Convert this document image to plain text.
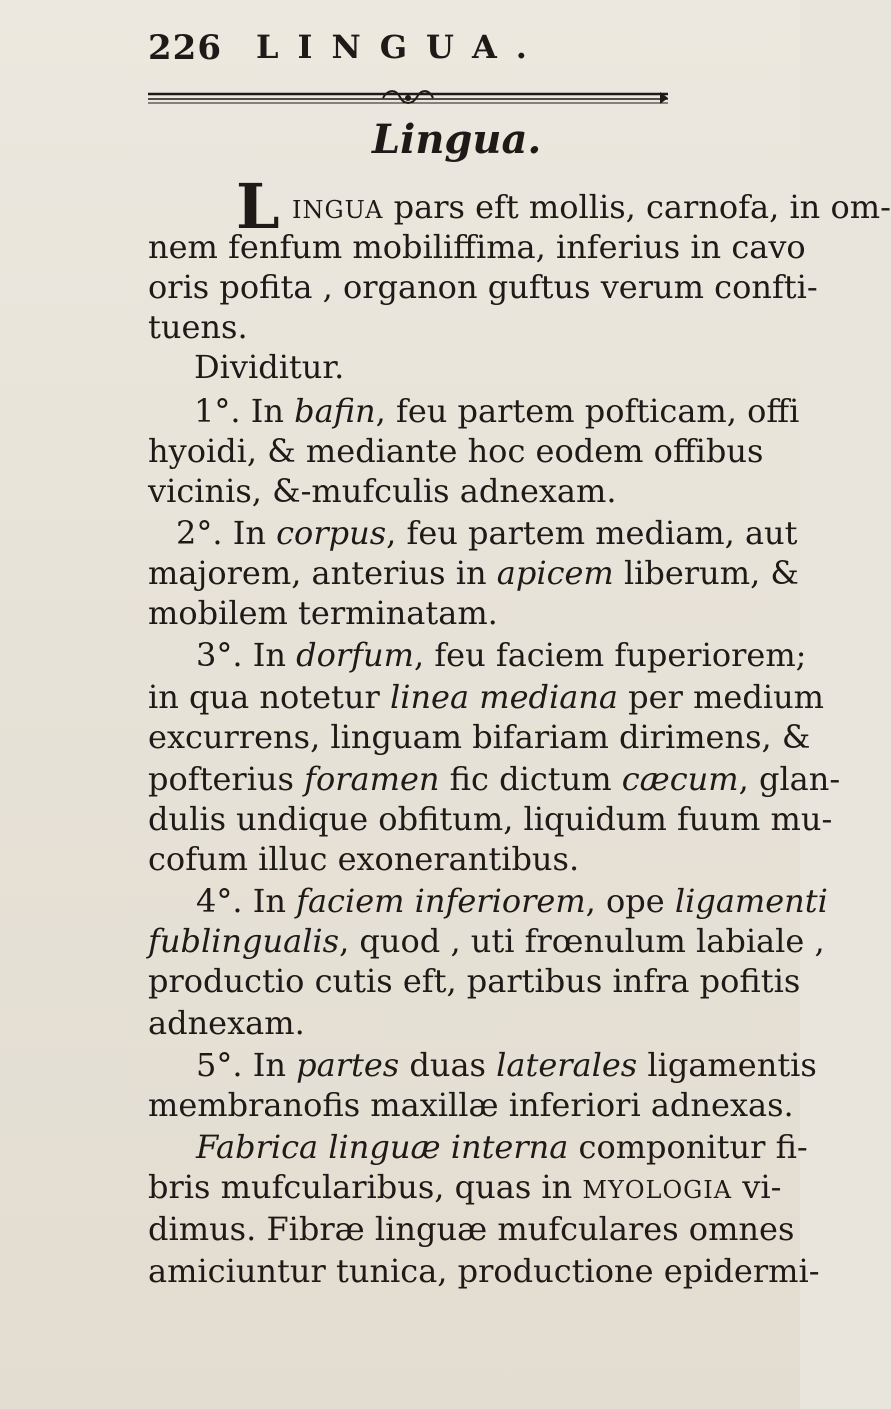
226 LINGUA.
Lingua.
L INGUA pars eft mollis, carnofa, in om-
nem fenfum mobiliffima, inferius in cavo
oris pofita , organon guftus verum confti-
tuens.
Dividitur.
1°. In bafin, feu partem pofticam, offi
hyoidi, & mediante hoc eodem offibus
vicinis, &-mufculis adnexam.
2°. In corpus, feu partem mediam, aut
majorem, anterius in apicem liberum, &
mobilem terminatam.
3°. In dorfum, feu faciem fuperiorem;
in qua notetur linea mediana per medium
excurrens, linguam bifariam dirimens, &
pofterius foramen fic dictum cæcum, glan-
dulis undique obfitum, liquidum fuum mu-
cofum illuc exonerantibus.
4°. In faciem inferiorem, ope ligamenti
fublingualis, quod , uti frœnulum labiale ,
productio cutis eft, partibus infra pofitis
adnexam.
5°. In partes duas laterales ligamentis
membranofis maxillæ inferiori adnexas.
Fabrica linguæ interna componitur fi-
bris mufcularibus, quas in MYOLOGIA vi-
dimus. Fibræ linguæ mufculares omnes
amiciuntur tunica, productione epidermi-
